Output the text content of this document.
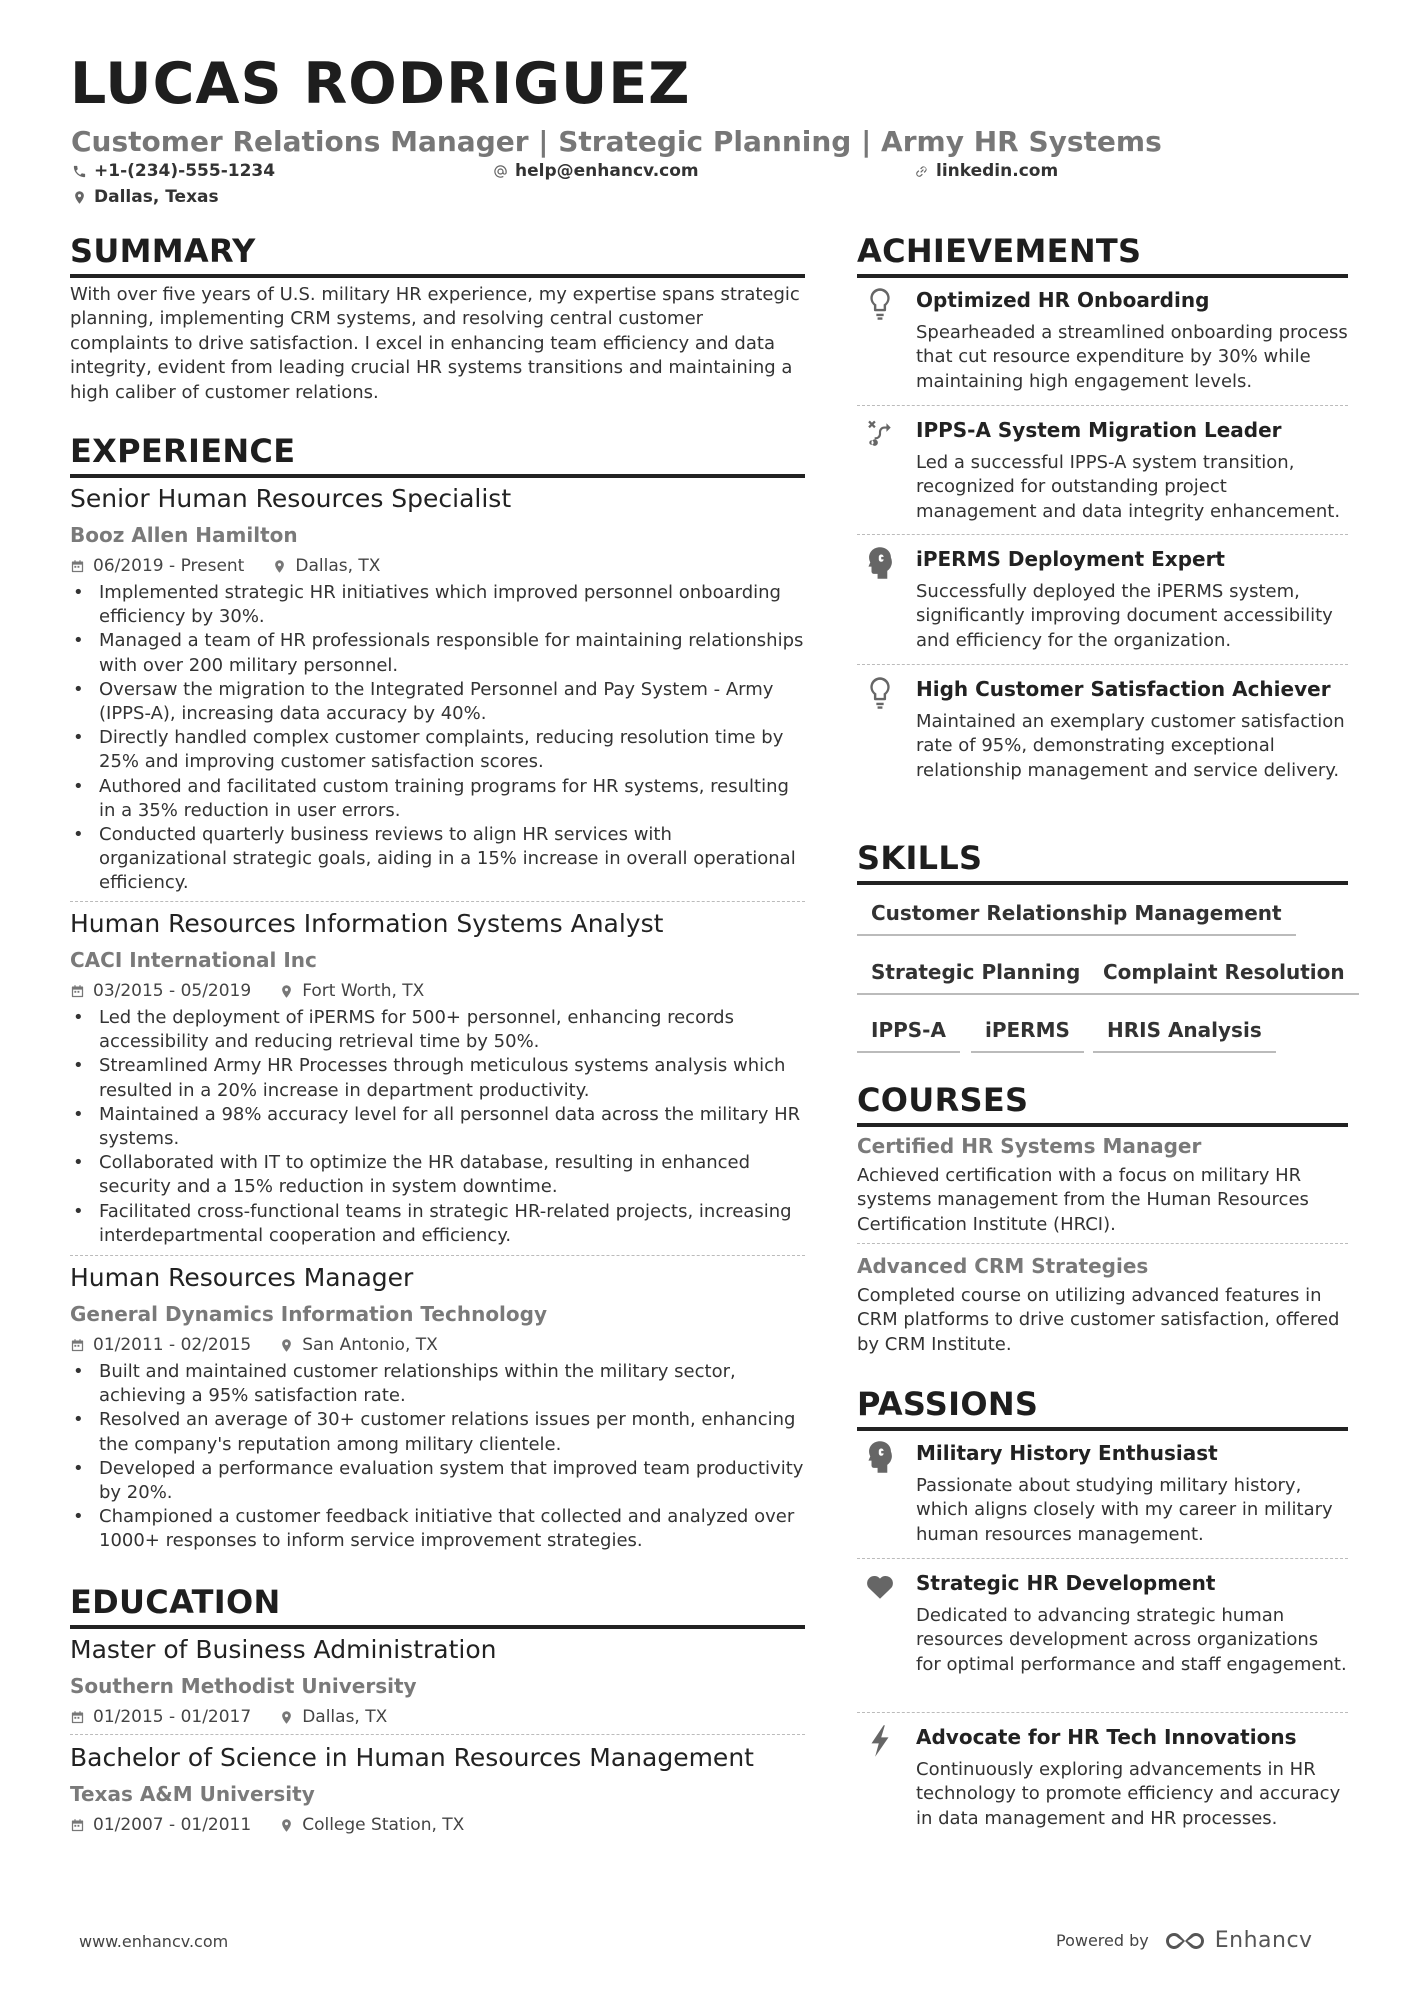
LUCAS RODRIGUEZ
Customer Relations Manager | Strategic Planning | Army HR Systems
+1-(234)-555-1234	help@enhancv.com	linkedin.com
Dallas, Texas
SUMMARY
With over five years of U.S. military HR experience, my expertise spans strategic planning, implementing CRM systems, and resolving central customer complaints to drive satisfaction. I excel in enhancing team efficiency and data integrity, evident from leading crucial HR systems transitions and maintaining a high caliber of customer relations.
EXPERIENCE
Senior Human Resources Specialist
Booz Allen Hamilton
06/2019 - Present	Dallas, TX
• Implemented strategic HR initiatives which improved personnel onboarding efficiency by 30%.
• Managed a team of HR professionals responsible for maintaining relationships with over 200 military personnel.
• Oversaw the migration to the Integrated Personnel and Pay System - Army (IPPS-A), increasing data accuracy by 40%.
• Directly handled complex customer complaints, reducing resolution time by 25% and improving customer satisfaction scores.
• Authored and facilitated custom training programs for HR systems, resulting in a 35% reduction in user errors.
• Conducted quarterly business reviews to align HR services with organizational strategic goals, aiding in a 15% increase in overall operational efficiency.
Human Resources Information Systems Analyst
CACI International Inc
03/2015 - 05/2019	Fort Worth, TX
• Led the deployment of iPERMS for 500+ personnel, enhancing records accessibility and reducing retrieval time by 50%.
• Streamlined Army HR Processes through meticulous systems analysis which resulted in a 20% increase in department productivity.
• Maintained a 98% accuracy level for all personnel data across the military HR systems.
• Collaborated with IT to optimize the HR database, resulting in enhanced security and a 15% reduction in system downtime.
• Facilitated cross-functional teams in strategic HR-related projects, increasing interdepartmental cooperation and efficiency.
Human Resources Manager
General Dynamics Information Technology
01/2011 - 02/2015	San Antonio, TX
• Built and maintained customer relationships within the military sector, achieving a 95% satisfaction rate.
• Resolved an average of 30+ customer relations issues per month, enhancing the company's reputation among military clientele.
• Developed a performance evaluation system that improved team productivity by 20%.
• Championed a customer feedback initiative that collected and analyzed over 1000+ responses to inform service improvement strategies.
EDUCATION
Master of Business Administration
Southern Methodist University
01/2015 - 01/2017	Dallas, TX
Bachelor of Science in Human Resources Management
Texas A&M University
01/2007 - 01/2011	College Station, TX
ACHIEVEMENTS
Optimized HR Onboarding
Spearheaded a streamlined onboarding process that cut resource expenditure by 30% while maintaining high engagement levels.
IPPS-A System Migration Leader
Led a successful IPPS-A system transition, recognized for outstanding project management and data integrity enhancement.
iPERMS Deployment Expert
Successfully deployed the iPERMS system, significantly improving document accessibility and efficiency for the organization.
High Customer Satisfaction Achiever
Maintained an exemplary customer satisfaction rate of 95%, demonstrating exceptional relationship management and service delivery.
SKILLS
Customer Relationship Management
Strategic Planning	Complaint Resolution
IPPS-A	iPERMS	HRIS Analysis
COURSES
Certified HR Systems Manager
Achieved certification with a focus on military HR systems management from the Human Resources Certification Institute (HRCI).
Advanced CRM Strategies
Completed course on utilizing advanced features in CRM platforms to drive customer satisfaction, offered by CRM Institute.
PASSIONS
Military History Enthusiast
Passionate about studying military history, which aligns closely with my career in military human resources management.
Strategic HR Development
Dedicated to advancing strategic human resources development across organizations for optimal performance and staff engagement.
Advocate for HR Tech Innovations
Continuously exploring advancements in HR technology to promote efficiency and accuracy in data management and HR processes.
www.enhancv.com	Powered by	Enhancv
